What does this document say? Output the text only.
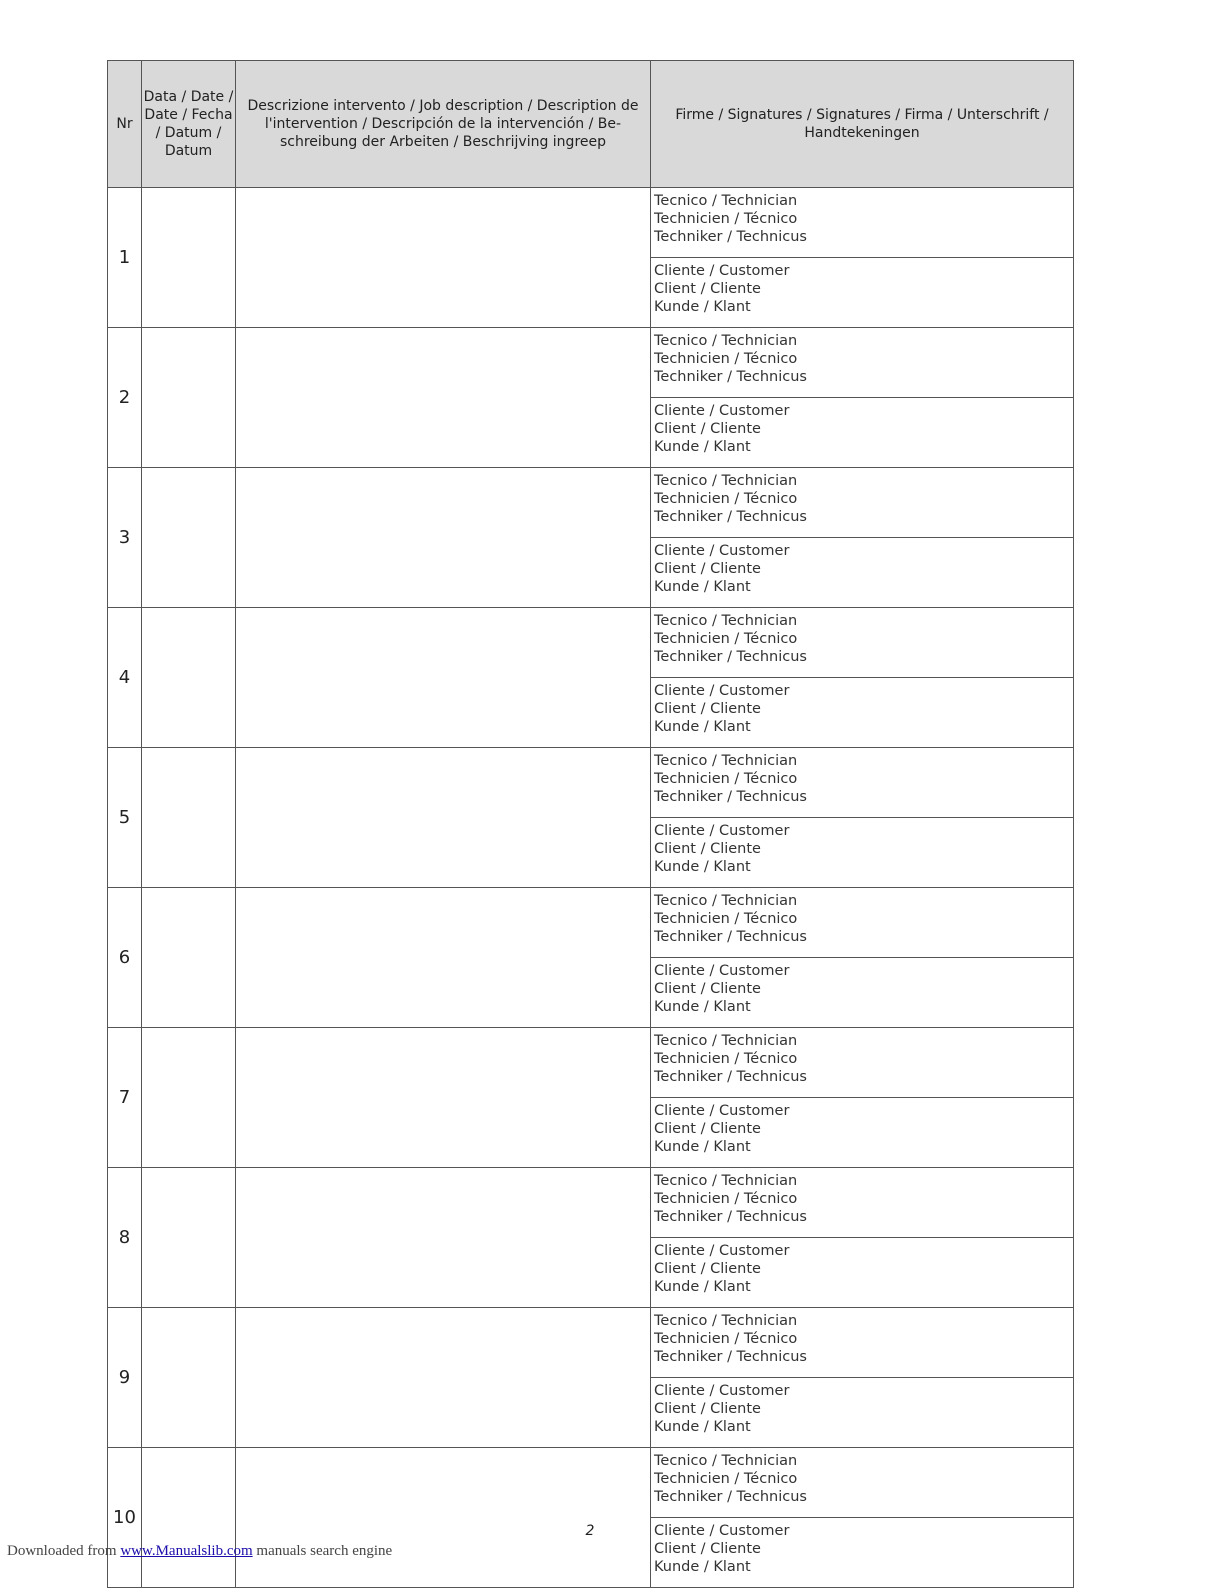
Nr	Data / Date / Date / Fecha / Datum / Datum	Descrizione intervento / Job description / Description de l'intervention / Descripción de la intervención / Be- schreibung der Arbeiten / Beschrijving ingreep	Firme / Signatures / Signatures / Firma / Unterschrift / Handtekeningen
1			Tecnico / Technician
Technicien / Técnico
Techniker / Technicus

			Cliente / Customer
Client / Cliente
Kunde / Klant

2			Tecnico / Technician
Technicien / Técnico
Techniker / Technicus

			Cliente / Customer
Client / Cliente
Kunde / Klant

3			Tecnico / Technician
Technicien / Técnico
Techniker / Technicus

			Cliente / Customer
Client / Cliente
Kunde / Klant

4			Tecnico / Technician
Technicien / Técnico
Techniker / Technicus

			Cliente / Customer
Client / Cliente
Kunde / Klant

5			Tecnico / Technician
Technicien / Técnico
Techniker / Technicus

			Cliente / Customer
Client / Cliente
Kunde / Klant

6			Tecnico / Technician
Technicien / Técnico
Techniker / Technicus

			Cliente / Customer
Client / Cliente
Kunde / Klant

7			Tecnico / Technician
Technicien / Técnico
Techniker / Technicus

			Cliente / Customer
Client / Cliente
Kunde / Klant

8			Tecnico / Technician
Technicien / Técnico
Techniker / Technicus

			Cliente / Customer
Client / Cliente
Kunde / Klant

9			Tecnico / Technician
Technicien / Técnico
Techniker / Technicus

			Cliente / Customer
Client / Cliente
Kunde / Klant

10			Tecnico / Technician
Technicien / Técnico
Techniker / Technicus

			Cliente / Customer
Client / Cliente
Kunde / Klant
2
Downloaded from www.Manualslib.com manuals search engine
